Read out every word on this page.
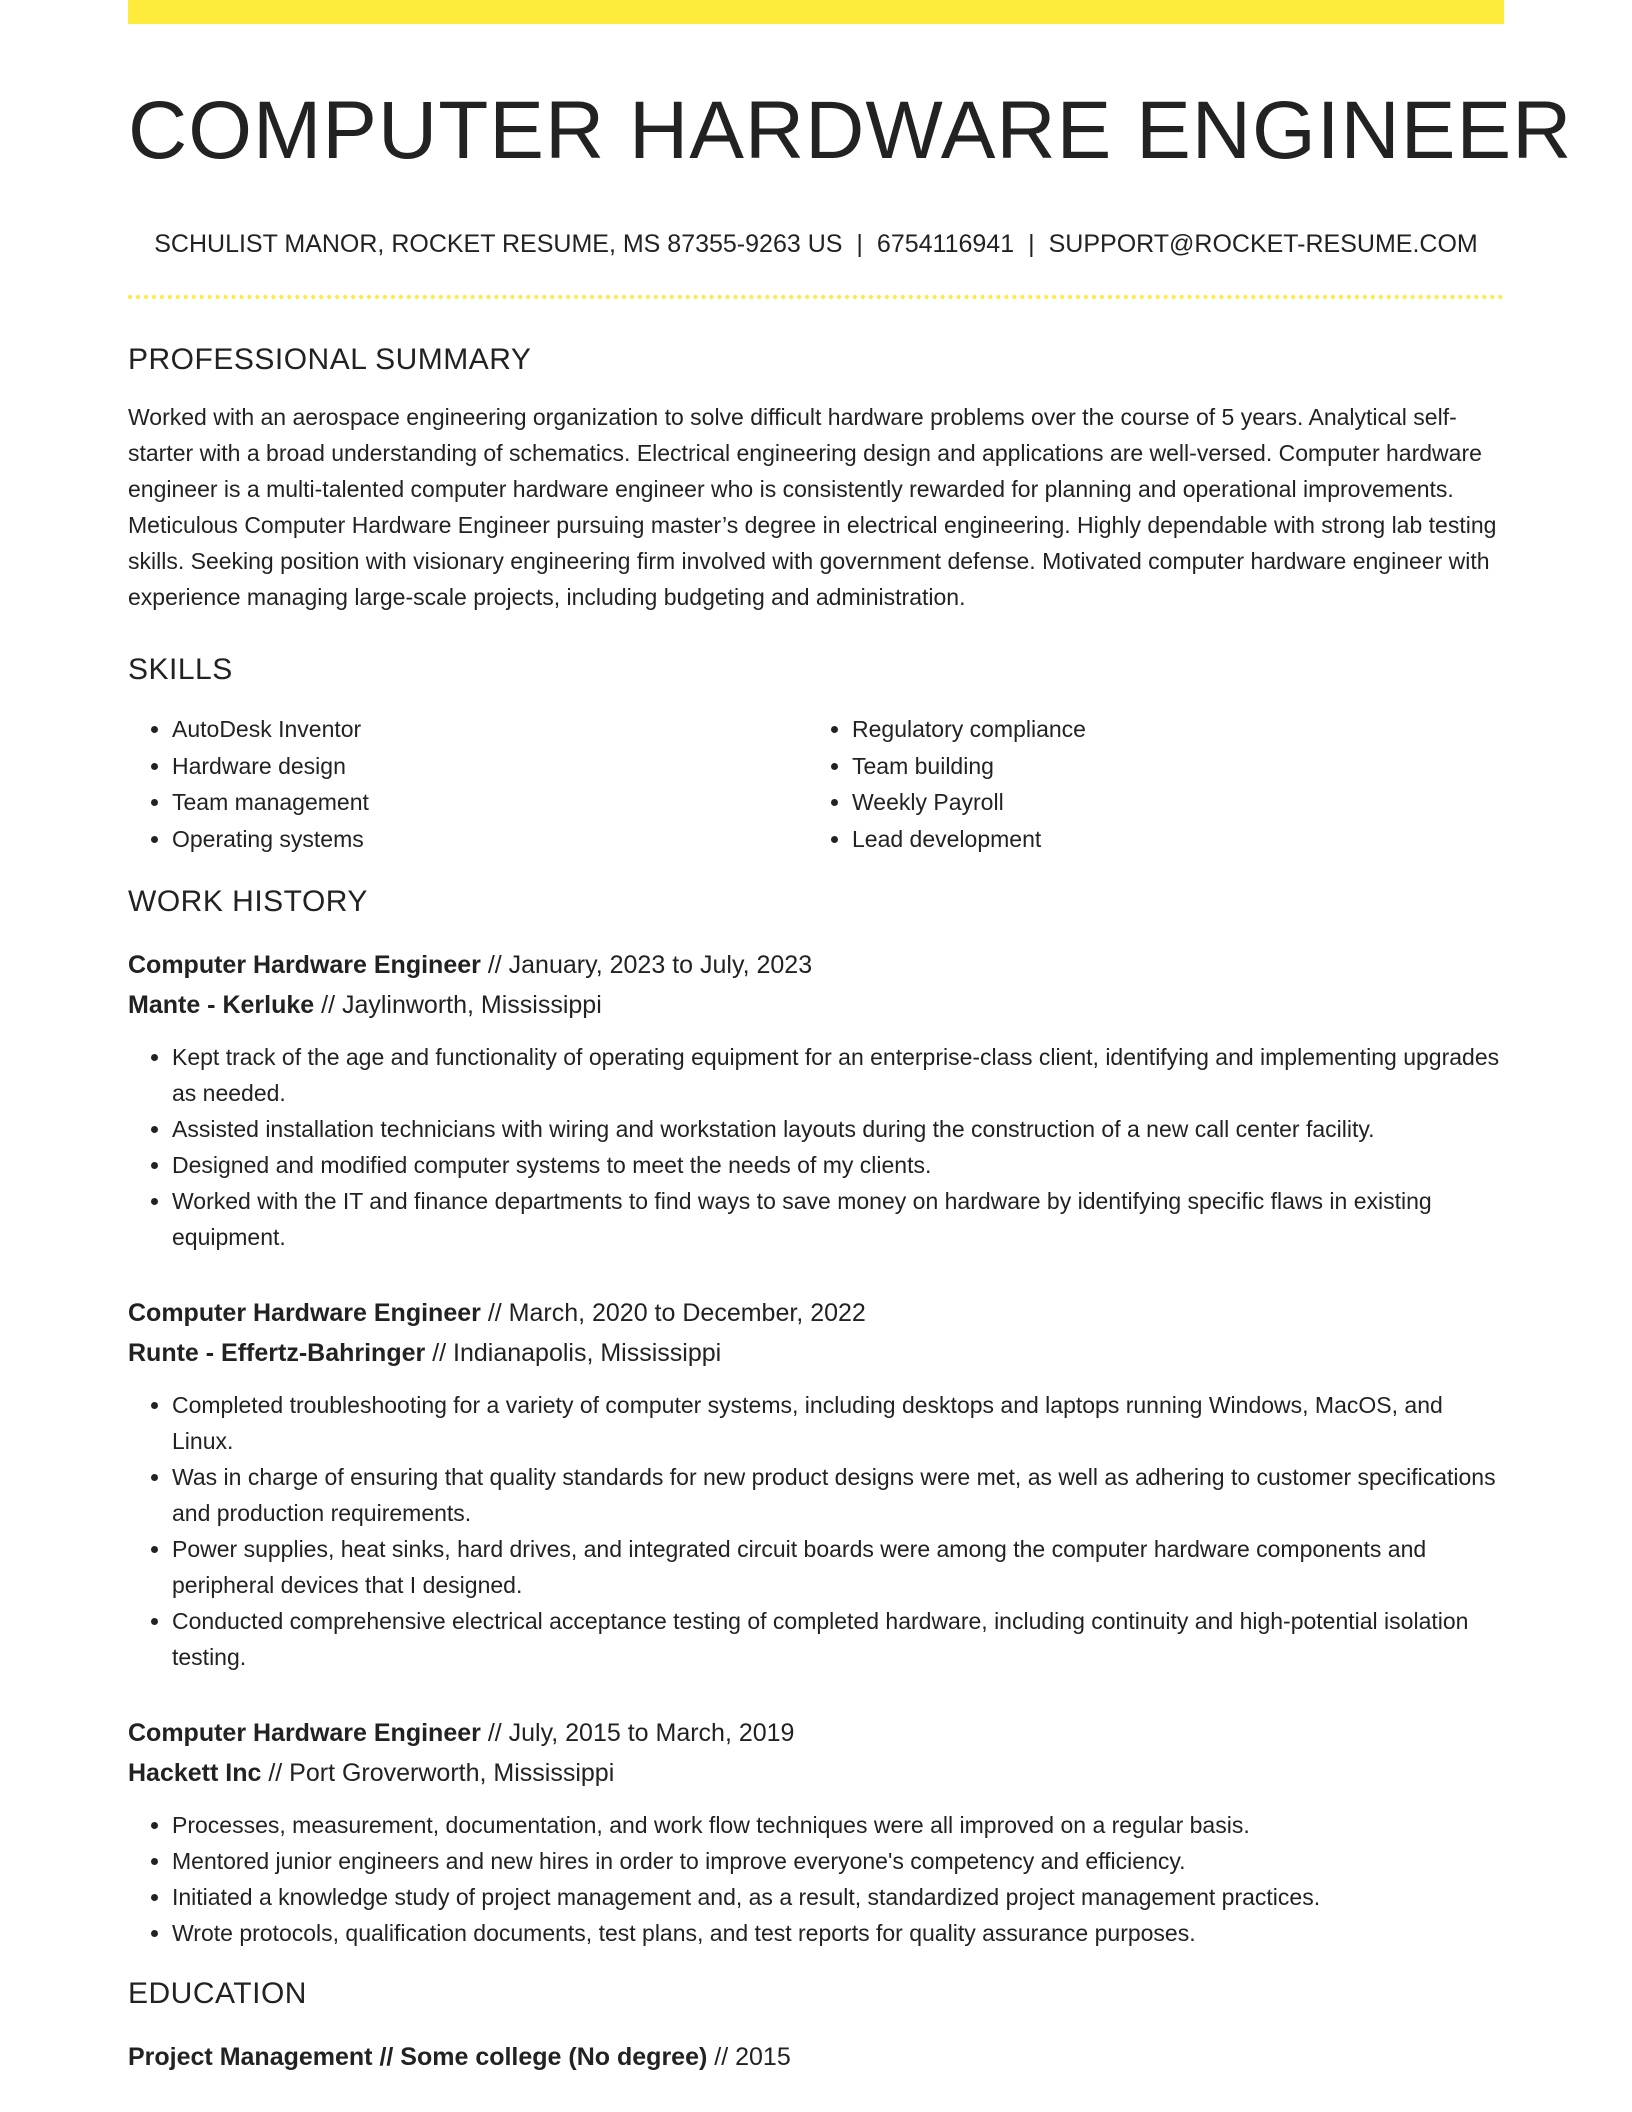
COMPUTER HARDWARE ENGINEER
SCHULIST MANOR, ROCKET RESUME, MS 87355-9263 US | 6754116941 | SUPPORT@ROCKET-RESUME.COM
PROFESSIONAL SUMMARY
Worked with an aerospace engineering organization to solve difficult hardware problems over the course of 5 years. Analytical self-starter with a broad understanding of schematics. Electrical engineering design and applications are well-versed. Computer hardware engineer is a multi-talented computer hardware engineer who is consistently rewarded for planning and operational improvements. Meticulous Computer Hardware Engineer pursuing master’s degree in electrical engineering. Highly dependable with strong lab testing skills. Seeking position with visionary engineering firm involved with government defense. Motivated computer hardware engineer with experience managing large-scale projects, including budgeting and administration.
SKILLS
• AutoDesk Inventor
• Hardware design
• Team management
• Operating systems
• Regulatory compliance
• Team building
• Weekly Payroll
• Lead development
WORK HISTORY
Computer Hardware Engineer // January, 2023 to July, 2023
Mante - Kerluke // Jaylinworth, Mississippi
• Kept track of the age and functionality of operating equipment for an enterprise-class client, identifying and implementing upgrades as needed.
• Assisted installation technicians with wiring and workstation layouts during the construction of a new call center facility.
• Designed and modified computer systems to meet the needs of my clients.
• Worked with the IT and finance departments to find ways to save money on hardware by identifying specific flaws in existing equipment.
Computer Hardware Engineer // March, 2020 to December, 2022
Runte - Effertz-Bahringer // Indianapolis, Mississippi
• Completed troubleshooting for a variety of computer systems, including desktops and laptops running Windows, MacOS, and Linux.
• Was in charge of ensuring that quality standards for new product designs were met, as well as adhering to customer specifications and production requirements.
• Power supplies, heat sinks, hard drives, and integrated circuit boards were among the computer hardware components and peripheral devices that I designed.
• Conducted comprehensive electrical acceptance testing of completed hardware, including continuity and high-potential isolation testing.
Computer Hardware Engineer // July, 2015 to March, 2019
Hackett Inc // Port Groverworth, Mississippi
• Processes, measurement, documentation, and work flow techniques were all improved on a regular basis.
• Mentored junior engineers and new hires in order to improve everyone's competency and efficiency.
• Initiated a knowledge study of project management and, as a result, standardized project management practices.
• Wrote protocols, qualification documents, test plans, and test reports for quality assurance purposes.
EDUCATION
Project Management // Some college (No degree) // 2015
